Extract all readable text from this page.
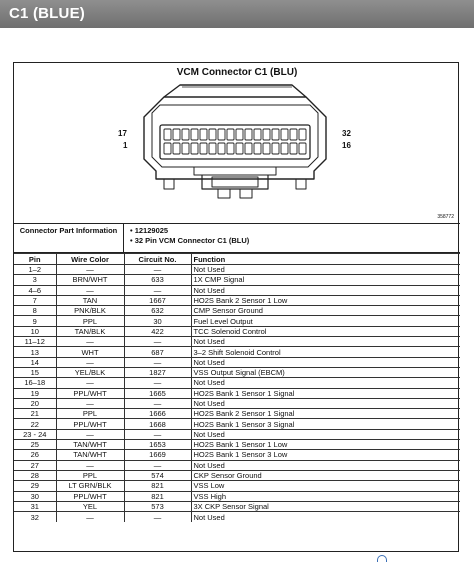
C1 (BLUE)
VCM Connector C1 (BLU)
17
1
32
16
358772
Connector Part Information	• 12129025
• 32 Pin VCM Connector C1 (BLU)
Pin	Wire Color	Circuit No.	Function
1–2	—	—	Not Used
3	BRN/WHT	633	1X CMP Signal
4–6	—	—	Not Used
7	TAN	1667	HO2S Bank 2 Sensor 1 Low
8	PNK/BLK	632	CMP Sensor Ground
9	PPL	30	Fuel Level Output
10	TAN/BLK	422	TCC Solenoid Control
11–12	—	—	Not Used
13	WHT	687	3–2 Shift Solenoid Control
14	—	—	Not Used
15	YEL/BLK	1827	VSS Output Signal (EBCM)
16–18	—	—	Not Used
19	PPL/WHT	1665	HO2S Bank 1 Sensor 1 Signal
20	—	—	Not Used
21	PPL	1666	HO2S Bank 2 Sensor 1 Signal
22	PPL/WHT	1668	HO2S Bank 1 Sensor 3 Signal
23 - 24	—	—	Not Used
25	TAN/WHT	1653	HO2S Bank 1 Sensor 1 Low
26	TAN/WHT	1669	HO2S Bank 1 Sensor 3 Low
27	—	—	Not Used
28	PPL	574	CKP Sensor Ground
29	LT GRN/BLK	821	VSS Low
30	PPL/WHT	821	VSS High
31	YEL	573	3X CKP Sensor Signal
32	—	—	Not Used
